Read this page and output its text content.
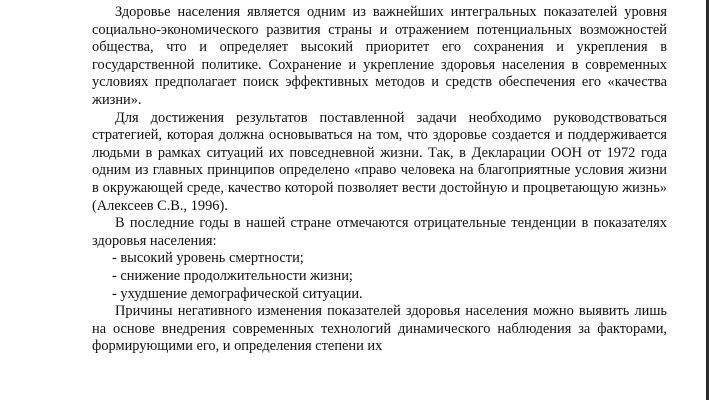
Здоровье населения является одним из важнейших интегральных показателей уровня социально-экономического развития страны и отражением потенциальных возможностей общества, что и определяет высокий приоритет его сохранения и укрепления в государственной политике. Сохранение и укрепление здоровья населения в современных условиях предполагает поиск эффективных методов и средств обеспечения его «качества жизни».

Для достижения результатов поставленной задачи необходимо руководствоваться стратегией, которая должна основываться на том, что здоровье создается и поддерживается людьми в рамках ситуаций их повседневной жизни. Так, в Декларации ООН от 1972 года одним из главных принципов определено «право человека на благоприятные условия жизни в окружающей среде, качество которой позволяет вести достойную и процветающую жизнь» (Алексеев С.В., 1996).

В последние годы в нашей стране отмечаются отрицательные тенденции в показателях здоровья населения:

- высокий уровень смертности;
- снижение продолжительности жизни;
- ухудшение демографической ситуации.

Причины негативного изменения показателей здоровья населения можно выявить лишь на основе внедрения современных технологий динамического наблюдения за факторами, формирующими его, и определения степени их
